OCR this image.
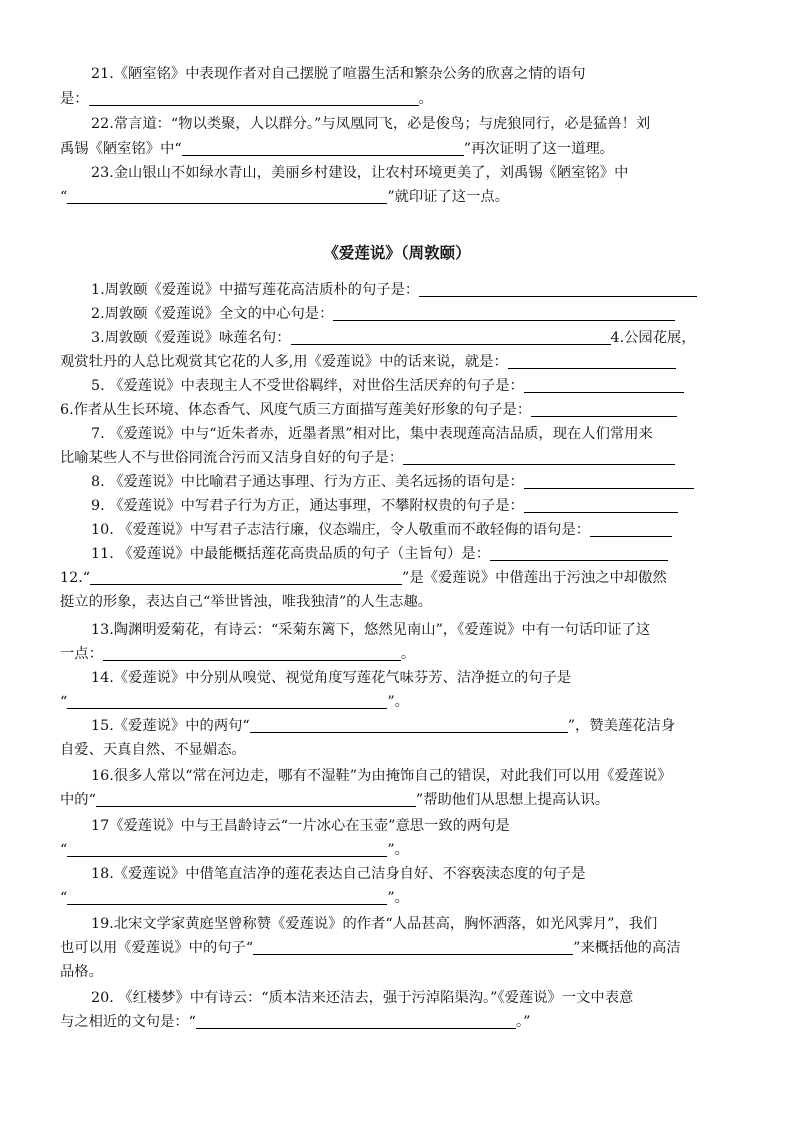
21.《陋室铭》中表现作者对自己摆脱了喧嚣生活和繁杂公务的欣喜之情的语句
是：	。
22.常言道：“物以类聚，人以群分。”与凤凰同飞，必是俊鸟；与虎狼同行，必是猛兽！刘
禹锡《陋室铭》中“	”再次证明了这一道理。
23.金山银山不如绿水青山，美丽乡村建设，让农村环境更美了，刘禹锡《陋室铭》中
“	”就印证了这一点。
《爱莲说》（周敦颐）
1.周敦颐《爱莲说》中描写莲花高洁质朴的句子是：
2.周敦颐《爱莲说》全文的中心句是：
3.周敦颐《爱莲说》咏莲名句：	4.公园花展，
观赏牡丹的人总比观赏其它花的人多,用《爱莲说》中的话来说，就是：
5. 《爱莲说》中表现主人不受世俗羁绊，对世俗生活厌弃的句子是：
6.作者从生长环境、体态香气、风度气质三方面描写莲美好形象的句子是：
7. 《爱莲说》中与“近朱者赤，近墨者黑”相对比，集中表现莲高洁品质，现在人们常用来
比喻某些人不与世俗同流合污而又洁身自好的句子是：
8. 《爱莲说》中比喻君子通达事理、行为方正、美名远扬的语句是：
9. 《爱莲说》中写君子行为方正，通达事理，不攀附权贵的句子是：
10. 《爱莲说》中写君子志洁行廉，仪态端庄，令人敬重而不敢轻侮的语句是：
11. 《爱莲说》中最能概括莲花高贵品质的句子（主旨句）是：
12.“	”是《爱莲说》中借莲出于污浊之中却傲然
挺立的形象，表达自己“举世皆浊，唯我独清”的人生志趣。
13.陶渊明爱菊花，有诗云：“采菊东篱下，悠然见南山”，《爱莲说》中有一句话印证了这
一点：	。
14.《爱莲说》中分别从嗅觉、视觉角度写莲花气味芬芳、洁净挺立的句子是
“	”。
15.《爱莲说》中的两句“	”，赞美莲花洁身
自爱、天真自然、不显媚态。
16.很多人常以“常在河边走，哪有不湿鞋”为由掩饰自己的错误，对此我们可以用《爱莲说》
中的“	”帮助他们从思想上提高认识。
17《爱莲说》中与王昌龄诗云“一片冰心在玉壶”意思一致的两句是
“	”。
18.《爱莲说》中借笔直洁净的莲花表达自己洁身自好、不容亵渎态度的句子是
“	”。
19.北宋文学家黄庭坚曾称赞《爱莲说》的作者“人品甚高，胸怀洒落，如光风霁月”，我们
也可以用《爱莲说》中的句子“	”来概括他的高洁
品格。
20. 《红楼梦》中有诗云：“质本洁来还洁去，强于污淖陷渠沟。”《爱莲说》一文中表意
与之相近的文句是：“	。”
